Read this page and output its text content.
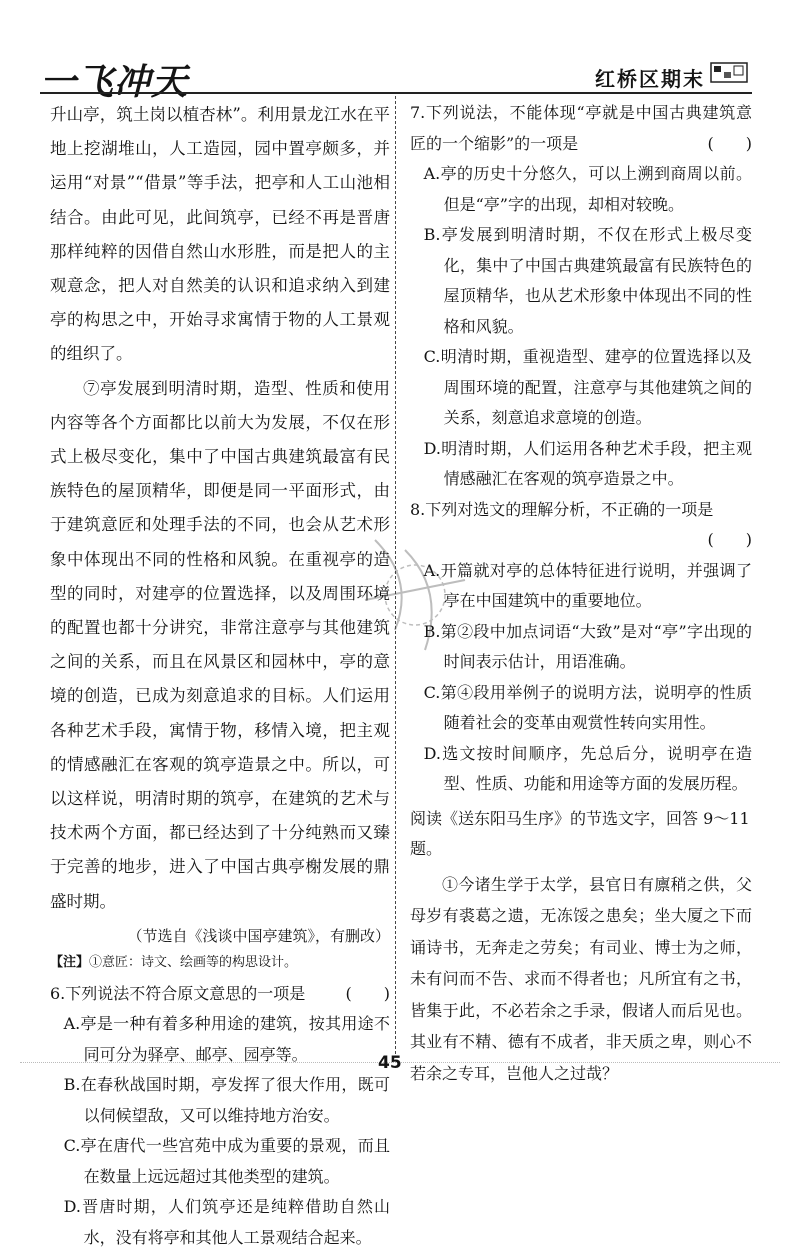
一飞冲天	红桥区期末

升山亭，筑土岗以植杏林”。利用景龙江水在平地上挖湖堆山，人工造园，园中置亭颇多，并运用“对景”“借景”等手法，把亭和人工山池相结合。由此可见，此间筑亭，已经不再是晋唐那样纯粹的因借自然山水形胜，而是把人的主观意念，把人对自然美的认识和追求纳入到建亭的构思之中，开始寻求寓情于物的人工景观的组织了。

⑦亭发展到明清时期，造型、性质和使用内容等各个方面都比以前大为发展，不仅在形式上极尽变化，集中了中国古典建筑最富有民族特色的屋顶精华，即便是同一平面形式，由于建筑意匠和处理手法的不同，也会从艺术形象中体现出不同的性格和风貌。在重视亭的造型的同时，对建亭的位置选择，以及周围环境的配置也都十分讲究，非常注意亭与其他建筑之间的关系，而且在风景区和园林中，亭的意境的创造，已成为刻意追求的目标。人们运用各种艺术手段，寓情于物，移情入境，把主观的情感融汇在客观的筑亭造景之中。所以，可以这样说，明清时期的筑亭，在建筑的艺术与技术两个方面，都已经达到了十分纯熟而又臻于完善的地步，进入了中国古典亭榭发展的鼎盛时期。

（节选自《浅谈中国亭建筑》，有删改）

【注】①意匠：诗文、绘画等的构思设计。

6.下列说法不符合原文意思的一项是	(　　)
A.亭是一种有着多种用途的建筑，按其用途不同可分为驿亭、邮亭、园亭等。
B.在春秋战国时期，亭发挥了很大作用，既可以伺候望敌，又可以维持地方治安。
C.亭在唐代一些宫苑中成为重要的景观，而且在数量上远远超过其他类型的建筑。
D.晋唐时期，人们筑亭还是纯粹借助自然山水，没有将亭和其他人工景观结合起来。
7.下列说法，不能体现“亭就是中国古典建筑意匠的一个缩影”的一项是	(　　)
A.亭的历史十分悠久，可以上溯到商周以前。但是“亭”字的出现，却相对较晚。
B.亭发展到明清时期，不仅在形式上极尽变化，集中了中国古典建筑最富有民族特色的屋顶精华，也从艺术形象中体现出不同的性格和风貌。
C.明清时期，重视造型、建亭的位置选择以及周围环境的配置，注意亭与其他建筑之间的关系，刻意追求意境的创造。
D.明清时期，人们运用各种艺术手段，把主观情感融汇在客观的筑亭造景之中。
8.下列对选文的理解分析，不正确的一项是
(　　)
A.开篇就对亭的总体特征进行说明，并强调了亭在中国建筑中的重要地位。
B.第②段中加点词语“大致”是对“亭”字出现的时间表示估计，用语准确。
C.第④段用举例子的说明方法，说明亭的性质随着社会的变革由观赏性转向实用性。
D.选文按时间顺序，先总后分，说明亭在造型、性质、功能和用途等方面的发展历程。

阅读《送东阳马生序》的节选文字，回答 9～11 题。

①今诸生学于太学，县官日有廪稍之供，父母岁有裘葛之遗，无冻馁之患矣；坐大厦之下而诵诗书，无奔走之劳矣；有司业、博士为之师，未有问而不告、求而不得者也；凡所宜有之书，皆集于此，不必若余之手录，假诸人而后见也。其业有不精、德有不成者，非天质之卑，则心不若余之专耳，岂他人之过哉？

45
